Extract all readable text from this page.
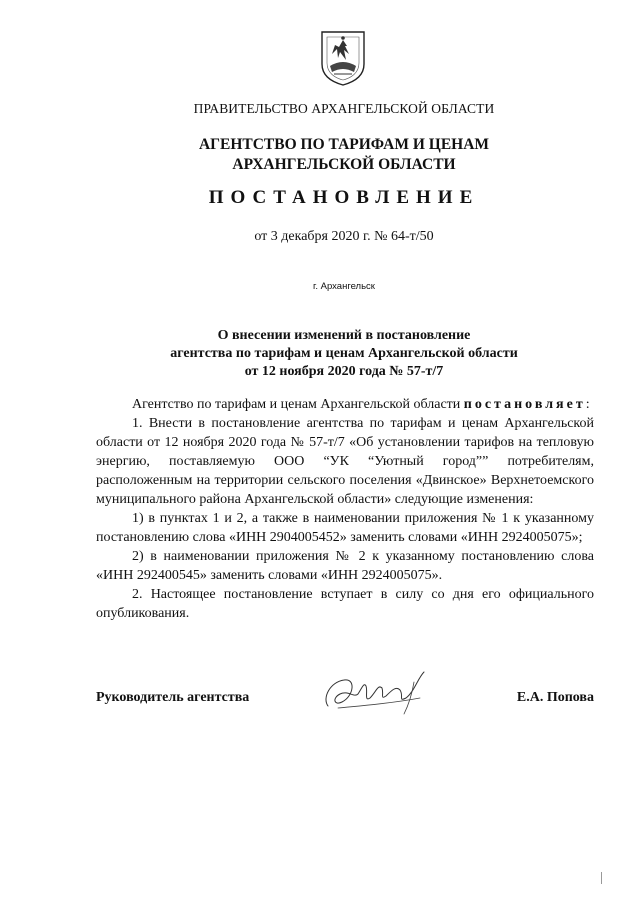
ПРАВИТЕЛЬСТВО АРХАНГЕЛЬСКОЙ ОБЛАСТИ
АГЕНТСТВО ПО ТАРИФАМ И ЦЕНАМ
АРХАНГЕЛЬСКОЙ ОБЛАСТИ
ПОСТАНОВЛЕНИЕ
от 3 декабря 2020 г. № 64-т/50
г. Архангельск
О внесении изменений в постановление
агентства по тарифам и ценам Архангельской области
от 12 ноября 2020 года № 57-т/7

Агентство по тарифам и ценам Архангельской области постановляет:

1. Внести в постановление агентства по тарифам и ценам Архангельской области от 12 ноября 2020 года № 57-т/7 «Об установлении тарифов на тепловую энергию, поставляемую ООО “УК “Уютный город”” потребителям, расположенным на территории сельского поселения «Двинское» Верхнетоемского муниципального района Архангельской области» следующие изменения:

1) в пунктах 1 и 2, а также в наименовании приложения № 1 к указанному постановлению слова «ИНН 2904005452» заменить словами «ИНН 2924005075»;

2) в наименовании приложения № 2 к указанному постановлению слова «ИНН 292400545» заменить словами «ИНН 2924005075».

2. Настоящее постановление вступает в силу со дня его официального опубликования.

Руководитель агентства	Е.А. Попова
